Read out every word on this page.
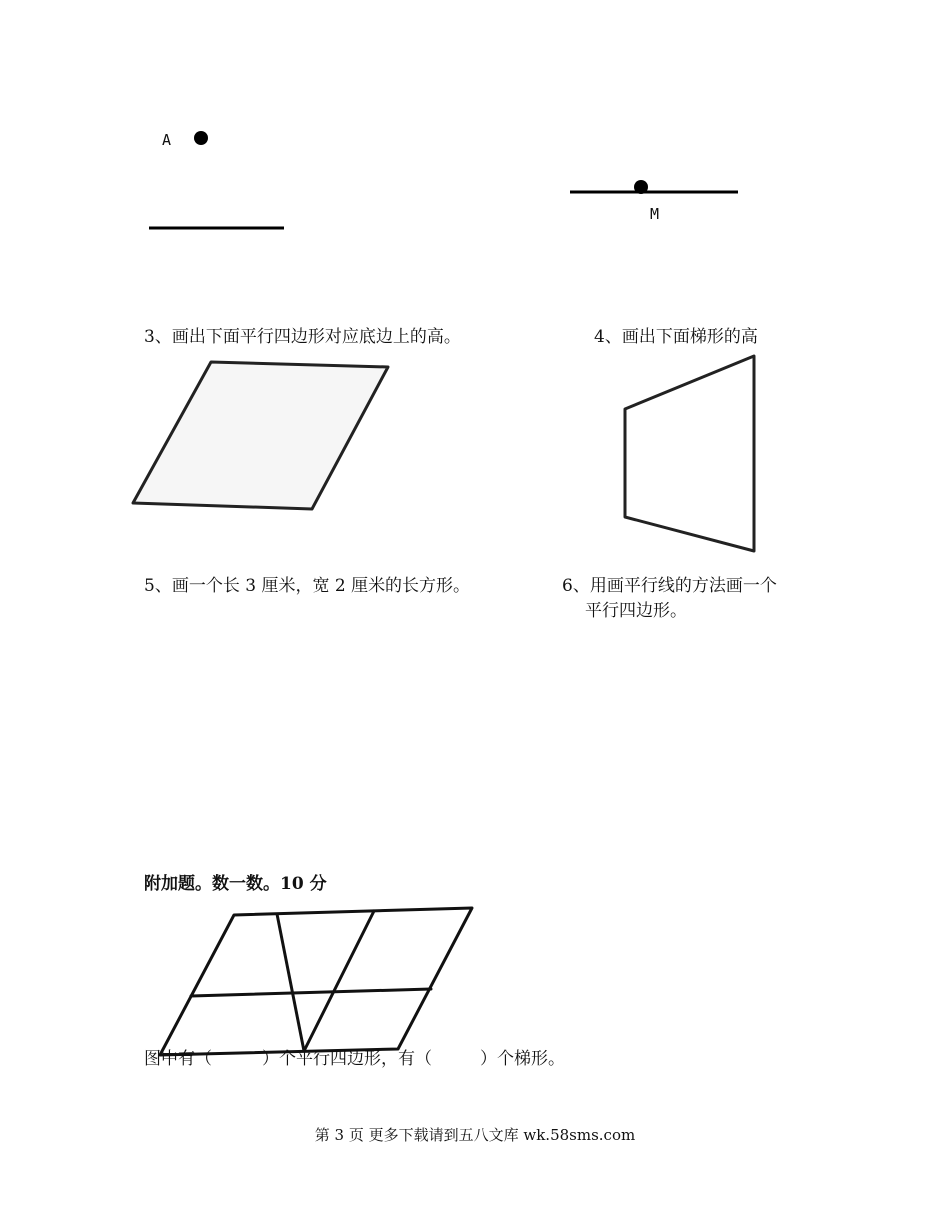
A
M
3、画出下面平行四边形对应底边上的高。	4、画出下面梯形的高
5、画一个长 3 厘米，宽 2 厘米的长方形。	6、用画平行线的方法画一个
平行四边形。
附加题。数一数。10 分
图中有（	）个平行四边形，有（	）个梯形。
第 3 页 更多下载请到五八文库 wk.58sms.com
